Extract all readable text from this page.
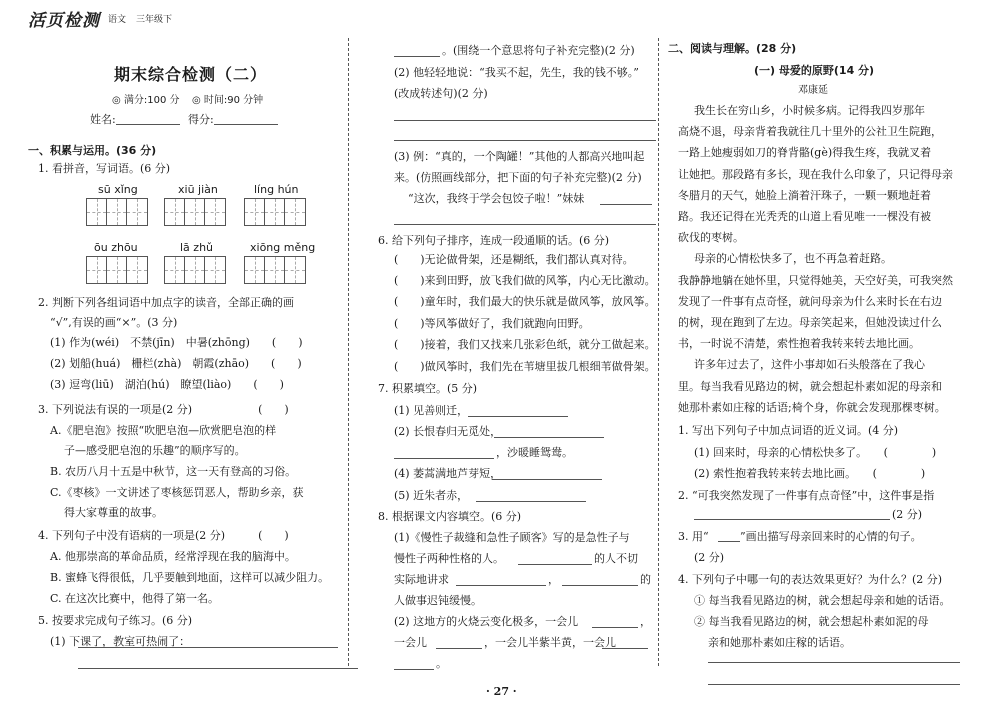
活页检测 语文 三年级下
期末综合检测（二）
◎ 满分:100 分 ◎ 时间:90 分钟
姓名:	得分:
一、积累与运用。(36 分)
1. 看拼音，写词语。(6 分)
sū xǐng	xiū jiàn	líng hún
ōu zhōu	lā zhǔ	xiōng měng
2. 判断下列各组词语中加点字的读音，全部正确的画
“√”,有误的画“×”。(3 分)
(1) 作为(wéi)　不禁(jīn)　中暑(zhōng)　　(　　)
(2) 划船(huá)　栅栏(zhà)　朝霞(zhāo)　　(　　)
(3) 逗弯(liū)　湖泊(hú)　瞭望(liào)　　(　　)
3. 下列说法有误的一项是(2 分)　　　　　　(　　)
A.《肥皂泡》按照“吹肥皂泡—欣赏肥皂泡的样
子—感受肥皂泡的乐趣”的顺序写的。
B. 农历八月十五是中秋节，这一天有登高的习俗。
C.《枣核》一文讲述了枣核惩罚恶人，帮助乡亲，获
得大家尊重的故事。
4. 下列句子中没有语病的一项是(2 分)　　　(　　)
A. 他那崇高的革命品质，经常浮现在我的脑海中。
B. 蜜蜂飞得很低，几乎要触到地面，这样可以减少阻力。
C. 在这次比赛中，他得了第一名。
5. 按要求完成句子练习。(6 分)
(1) 下课了，教室可热闹了：
。(围绕一个意思将句子补充完整)(2 分)
(2) 他轻轻地说：“我买不起，先生，我的钱不够。”
(改成转述句)(2 分)
(3) 例：“真的，一个陶罐！”其他的人都高兴地叫起
来。(仿照画线部分，把下面的句子补充完整)(2 分)
“这次，我终于学会包饺子啦！”妹妹
6. 给下列句子排序，连成一段通顺的话。(6 分)
(　　)无论做骨架，还是糊纸，我们都认真对待。
(　　)来到田野，放飞我们做的风筝，内心无比激动。
(　　)童年时，我们最大的快乐就是做风筝，放风筝。
(　　)等风筝做好了，我们就跑向田野。
(　　)接着，我们又找来几张彩色纸，就分工做起来。
(　　)做风筝时，我们先在苇塘里拔几根细苇做骨架。
7. 积累填空。(5 分)
(1) 见善则迁，
(2) 长恨春归无觅处，
，沙暖睡鸳鸯。
(4) 萎蒿满地芦芽短，
(5) 近朱者赤，
8. 根据课文内容填空。(6 分)
(1)《慢性子裁缝和急性子顾客》写的是急性子与
慢性子两种性格的人。	的人不切
实际地讲求	，	的
人做事迟钝缓慢。
(2) 这地方的火烧云变化极多，一会儿	，
一会儿	，一会儿半紫半黄，一会儿
。
· 27 ·
二、阅读与理解。(28 分)
(一) 母爱的原野(14 分)
邓康延
我生长在穷山乡，小时候多病。记得我四岁那年
高烧不退，母亲背着我就往几十里外的公社卫生院跑，
一路上她瘦弱如刀的脊背骼(gè)得我生疼，我就叉着
让她把。那段路有多长，现在我什么印象了，只记得母亲
冬腊月的天气，她脸上淌着汗珠子，一颗一颗地赶着
路。我还记得在光秃秃的山道上看见唯一一棵没有被
砍伐的枣树。
母亲的心情松快多了，也不再急着赶路。
我静静地躺在她怀里，只觉得她美，天空好美，可我突然
发现了一件事有点奇怪，就问母亲为什么来时长在右边
的树，现在跑到了左边。母亲笑起来，但她没读过什么
书，一时说不清楚，索性抱着我转来转去地比画。
许多年过去了，这件小事却如石头般落在了我心
里。每当我看见路边的树，就会想起朴素如泥的母亲和
她那朴素如庄稼的话语;椅个身，你就会发现那棵枣树。
1. 写出下列句子中加点词语的近义词。(4 分)
(1) 回来时，母亲的心情松快多了。　　(　　　　)
(2) 索性抱着我转来转去地比画。　　(　　　　)
2. “可我突然发现了一件事有点奇怪”中，这件事是指
(2 分)
3. 用“	”画出描写母亲回来时的心情的句子。
(2 分)
4. 下列句子中哪一句的表达效果更好？为什么？(2 分)
① 每当我看见路边的树，就会想起母亲和她的话语。
② 每当我看见路边的树，就会想起朴素如泥的母
亲和她那朴素如庄稼的话语。
